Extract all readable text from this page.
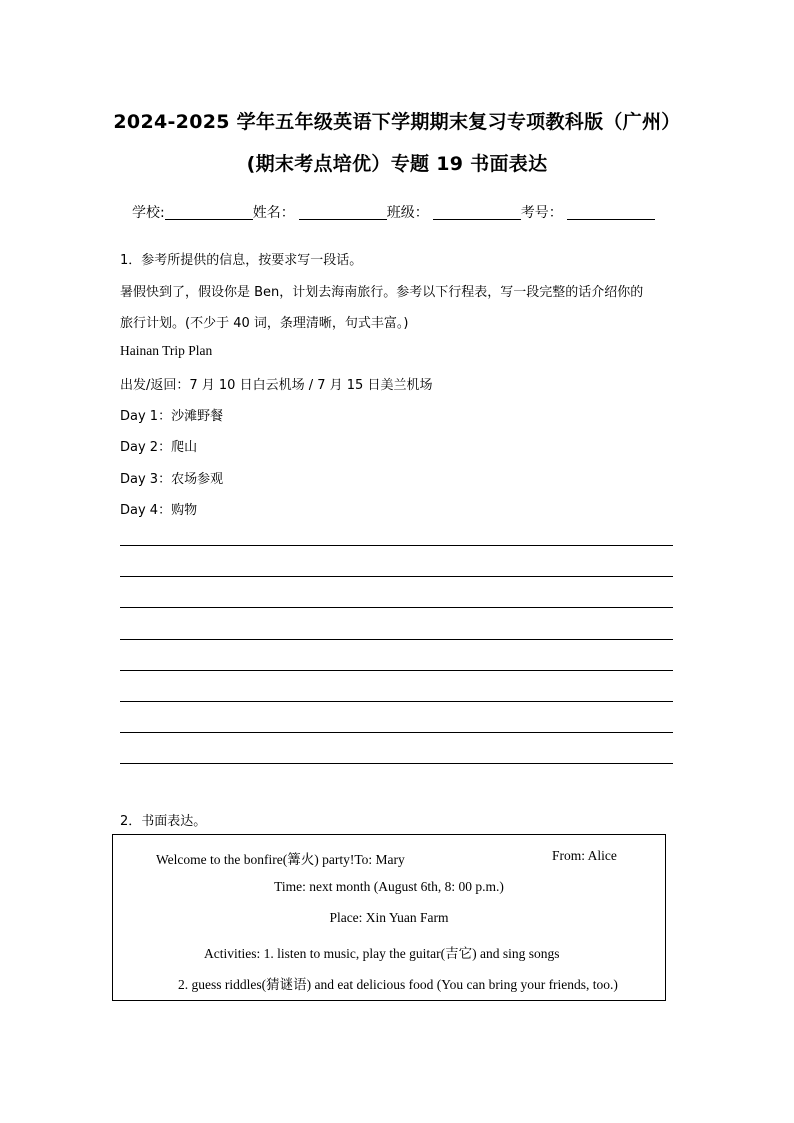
2024-2025 学年五年级英语下学期期末复习专项教科版（广州）
(期末考点培优）专题 19 书面表达
学校:	姓名：	班级：	考号：
1．参考所提供的信息，按要求写一段话。
暑假快到了，假设你是 Ben，计划去海南旅行。参考以下行程表，写一段完整的话介绍你的
旅行计划。(不少于 40 词，条理清晰，句式丰富。)
Hainan Trip Plan
出发/返回：7 月 10 日白云机场 / 7 月 15 日美兰机场
Day 1：沙滩野餐
Day 2：爬山
Day 3：农场参观
Day 4：购物
2．书面表达。
Welcome to the bonfire(篝火) party!To: Mary	From: Alice
Time: next month (August 6th, 8: 00 p.m.)
Place: Xin Yuan Farm
Activities: 1. listen to music, play the guitar(吉它) and sing songs
2. guess riddles(猜谜语) and eat delicious food (You can bring your friends, too.)
